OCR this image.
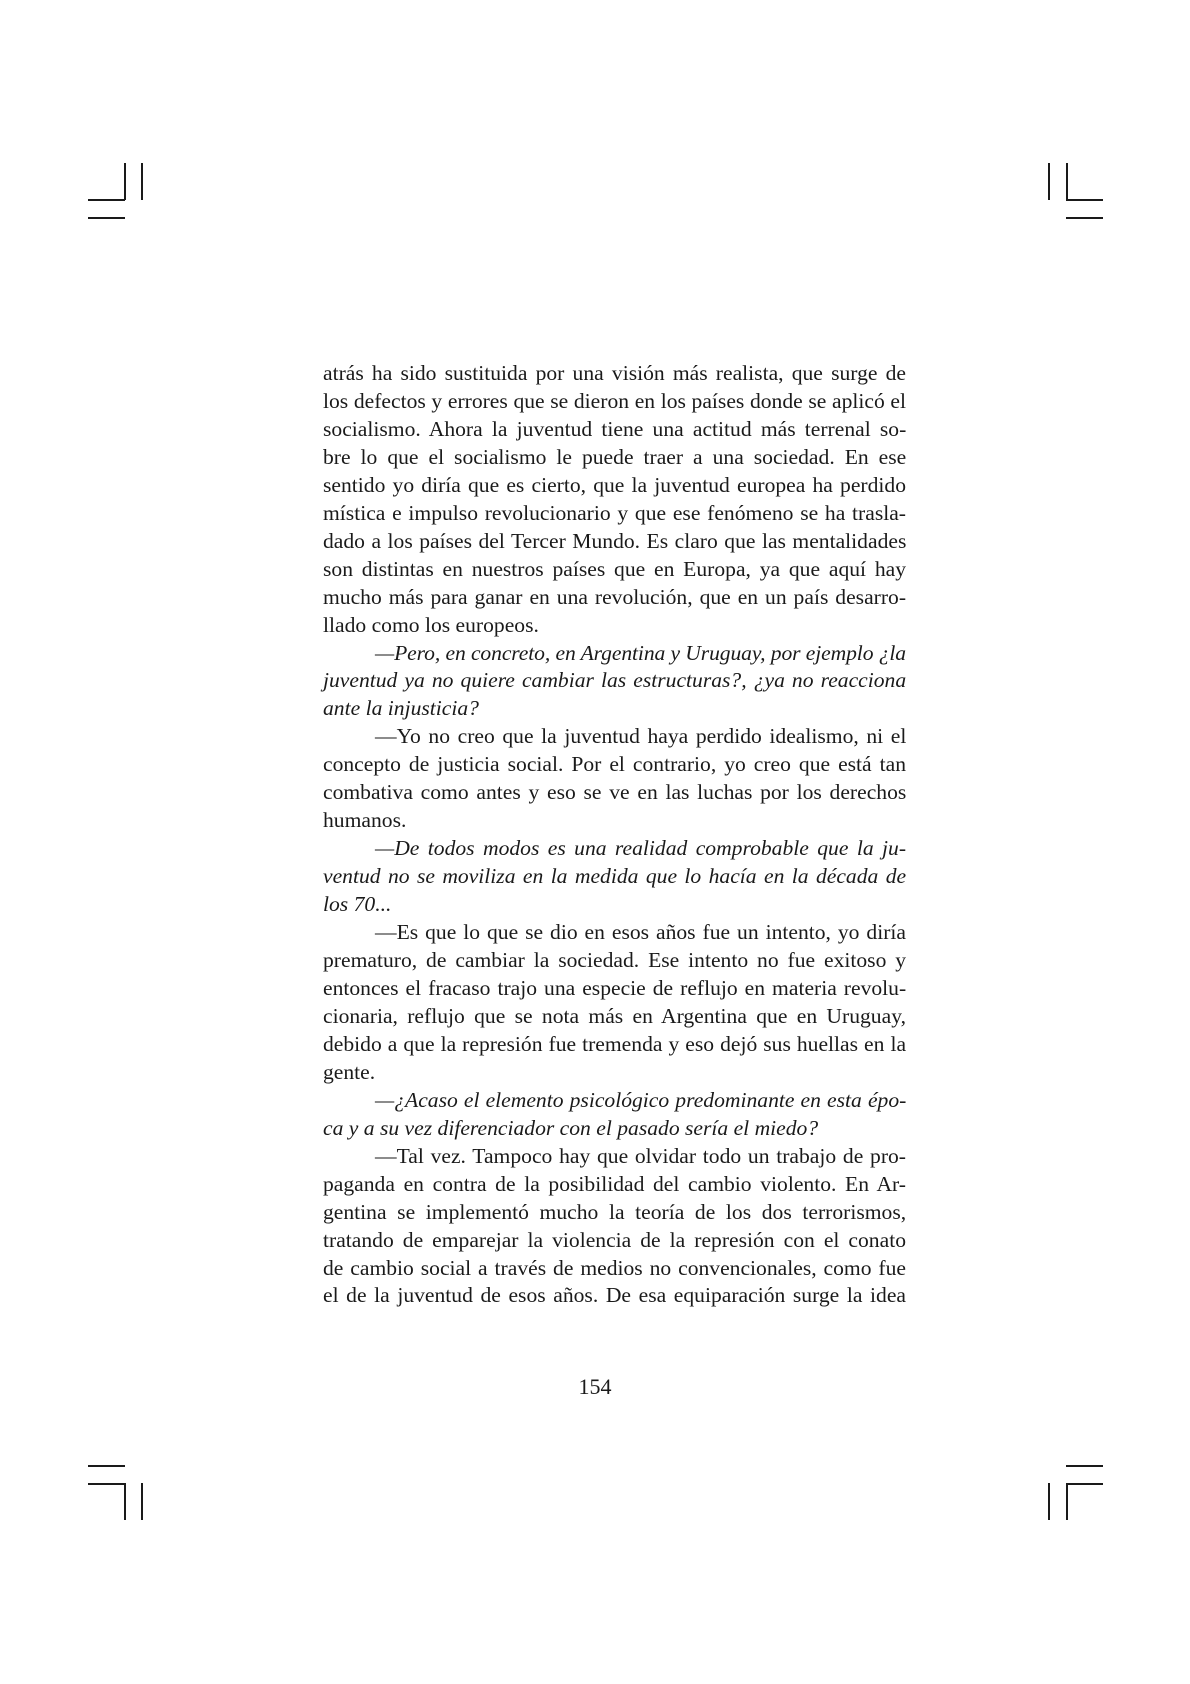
atrás ha sido sustituida por una visión más realista, que surge de
los defectos y errores que se dieron en los países donde se aplicó el
socialismo. Ahora la juventud tiene una actitud más terrenal so-
bre lo que el socialismo le puede traer a una sociedad. En ese
sentido yo diría que es cierto, que la juventud europea ha perdido
mística e impulso revolucionario y que ese fenómeno se ha trasla-
dado a los países del Tercer Mundo. Es claro que las mentalidades
son distintas en nuestros países que en Europa, ya que aquí hay
mucho más para ganar en una revolución, que en un país desarro-
llado como los europeos.

—Pero, en concreto, en Argentina y Uruguay, por ejemplo ¿la
juventud ya no quiere cambiar las estructuras?, ¿ya no reacciona
ante la injusticia?

—Yo no creo que la juventud haya perdido idealismo, ni el
concepto de justicia social. Por el contrario, yo creo que está tan
combativa como antes y eso se ve en las luchas por los derechos
humanos.

—De todos modos es una realidad comprobable que la ju-
ventud no se moviliza en la medida que lo hacía en la década de
los 70...

—Es que lo que se dio en esos años fue un intento, yo diría
prematuro, de cambiar la sociedad. Ese intento no fue exitoso y
entonces el fracaso trajo una especie de reflujo en materia revolu-
cionaria, reflujo que se nota más en Argentina que en Uruguay,
debido a que la represión fue tremenda y eso dejó sus huellas en la
gente.

—¿Acaso el elemento psicológico predominante en esta épo-
ca y a su vez diferenciador con el pasado sería el miedo?

—Tal vez. Tampoco hay que olvidar todo un trabajo de pro-
paganda en contra de la posibilidad del cambio violento. En Ar-
gentina se implementó mucho la teoría de los dos terrorismos,
tratando de emparejar la violencia de la represión con el conato
de cambio social a través de medios no convencionales, como fue
el de la juventud de esos años. De esa equiparación surge la idea

154
